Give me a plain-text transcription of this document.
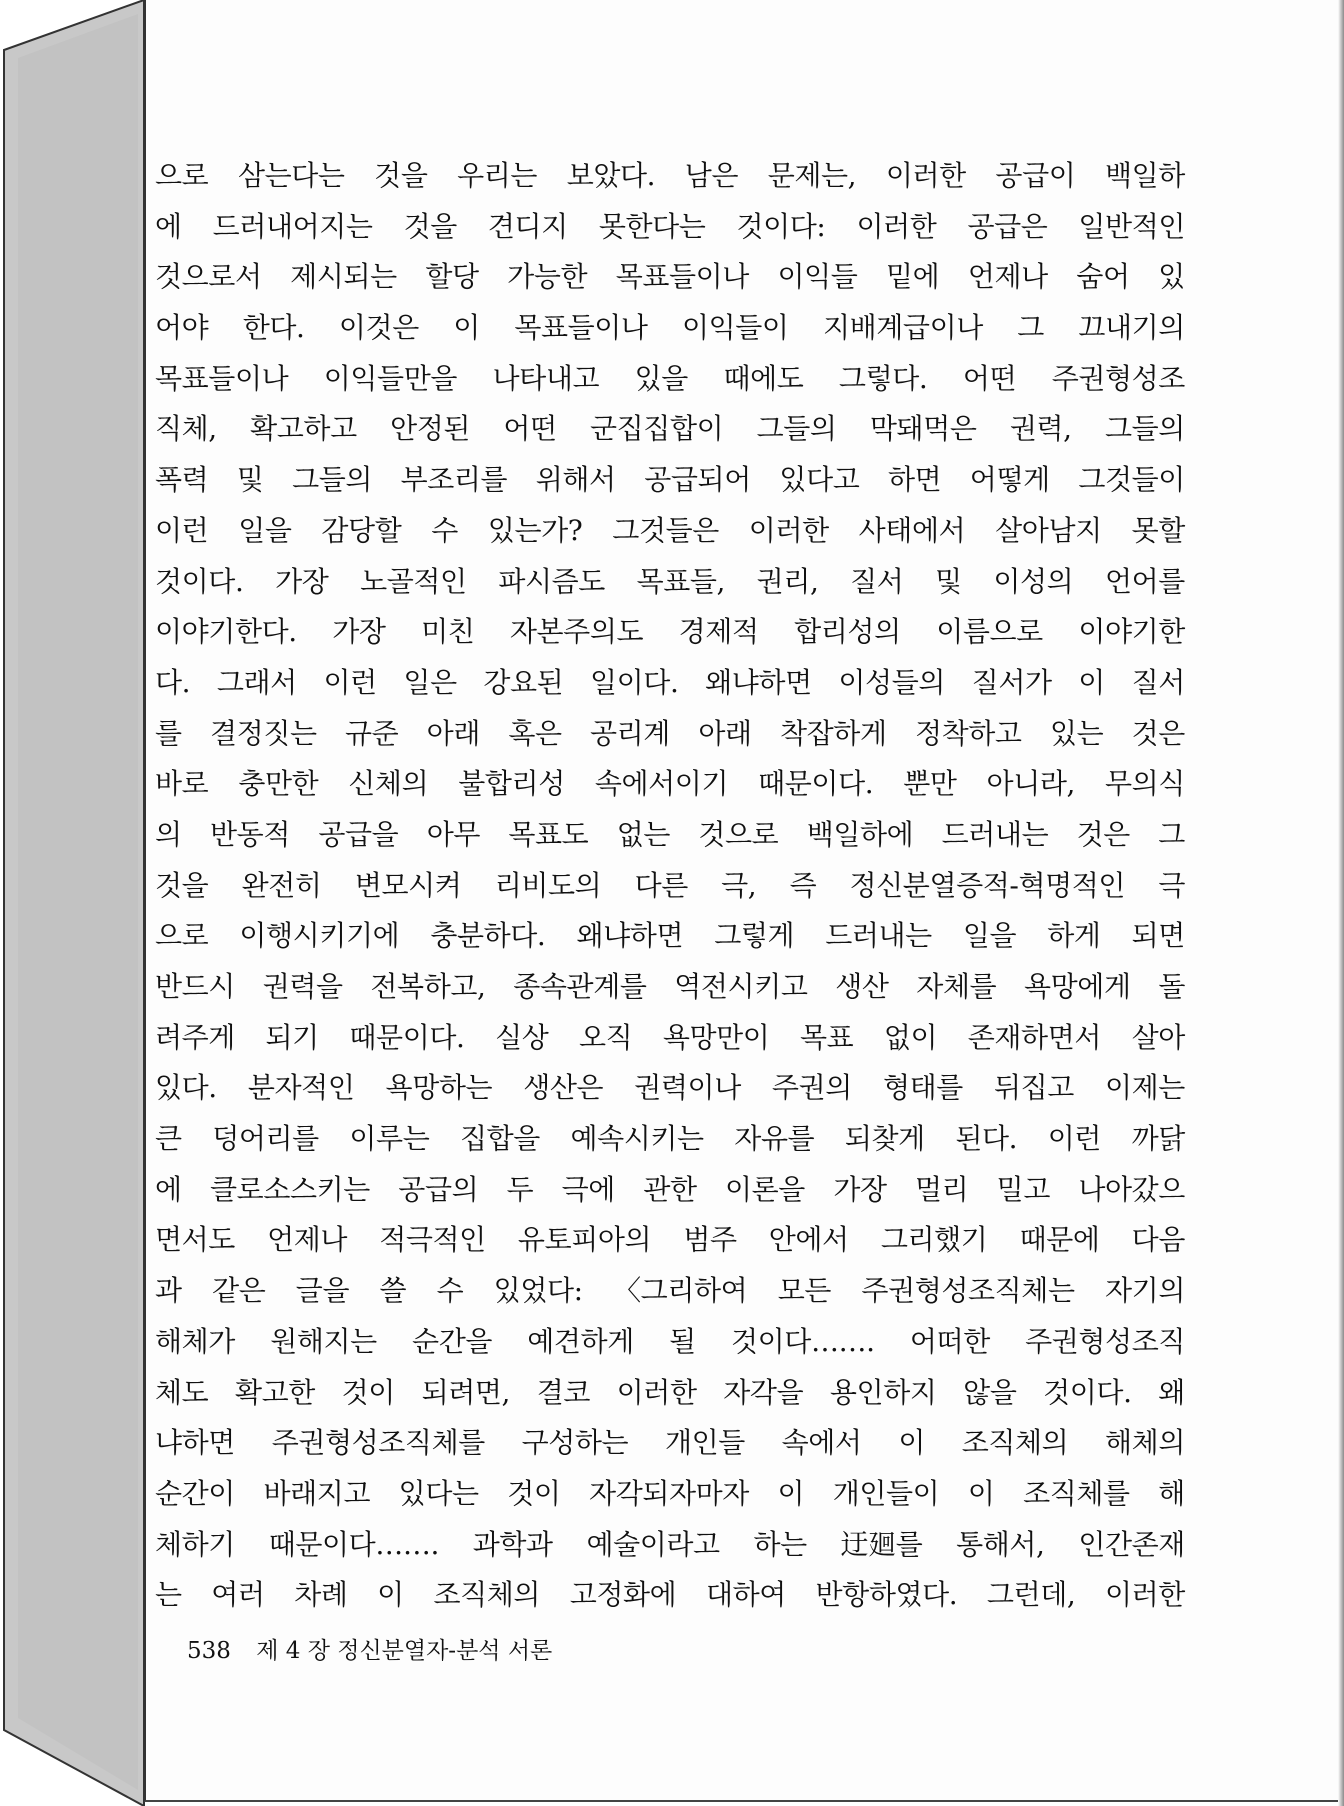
으로 삼는다는 것을 우리는 보았다. 남은 문제는, 이러한 공급이 백일하
에 드러내어지는 것을 견디지 못한다는 것이다: 이러한 공급은 일반적인
것으로서 제시되는 할당 가능한 목표들이나 이익들 밑에 언제나 숨어 있
어야 한다. 이것은 이 목표들이나 이익들이 지배계급이나 그 끄내기의
목표들이나 이익들만을 나타내고 있을 때에도 그렇다. 어떤 주권형성조
직체, 확고하고 안정된 어떤 군집집합이 그들의 막돼먹은 권력, 그들의
폭력 및 그들의 부조리를 위해서 공급되어 있다고 하면 어떻게 그것들이
이런 일을 감당할 수 있는가? 그것들은 이러한 사태에서 살아남지 못할
것이다. 가장 노골적인 파시즘도 목표들, 권리, 질서 및 이성의 언어를
이야기한다. 가장 미친 자본주의도 경제적 합리성의 이름으로 이야기한
다. 그래서 이런 일은 강요된 일이다. 왜냐하면 이성들의 질서가 이 질서
를 결정짓는 규준 아래 혹은 공리계 아래 착잡하게 정착하고 있는 것은
바로 충만한 신체의 불합리성 속에서이기 때문이다. 뿐만 아니라, 무의식
의 반동적 공급을 아무 목표도 없는 것으로 백일하에 드러내는 것은 그
것을 완전히 변모시켜 리비도의 다른 극, 즉 정신분열증적-혁명적인 극
으로 이행시키기에 충분하다. 왜냐하면 그렇게 드러내는 일을 하게 되면
반드시 권력을 전복하고, 종속관계를 역전시키고 생산 자체를 욕망에게 돌
려주게 되기 때문이다. 실상 오직 욕망만이 목표 없이 존재하면서 살아
있다. 분자적인 욕망하는 생산은 권력이나 주권의 형태를 뒤집고 이제는
큰 덩어리를 이루는 집합을 예속시키는 자유를 되찾게 된다. 이런 까닭
에 클로소스키는 공급의 두 극에 관한 이론을 가장 멀리 밀고 나아갔으
면서도 언제나 적극적인 유토피아의 범주 안에서 그리했기 때문에 다음
과 같은 글을 쓸 수 있었다: 〈그리하여 모든 주권형성조직체는 자기의
해체가 원해지는 순간을 예견하게 될 것이다……. 어떠한 주권형성조직
체도 확고한 것이 되려면, 결코 이러한 자각을 용인하지 않을 것이다. 왜
냐하면 주권형성조직체를 구성하는 개인들 속에서 이 조직체의 해체의
순간이 바래지고 있다는 것이 자각되자마자 이 개인들이 이 조직체를 해
체하기 때문이다……. 과학과 예술이라고 하는 迂廻를 통해서, 인간존재
는 여러 차례 이 조직체의 고정화에 대하여 반항하였다. 그런데, 이러한
538 제 4 장 정신분열자-분석 서론
